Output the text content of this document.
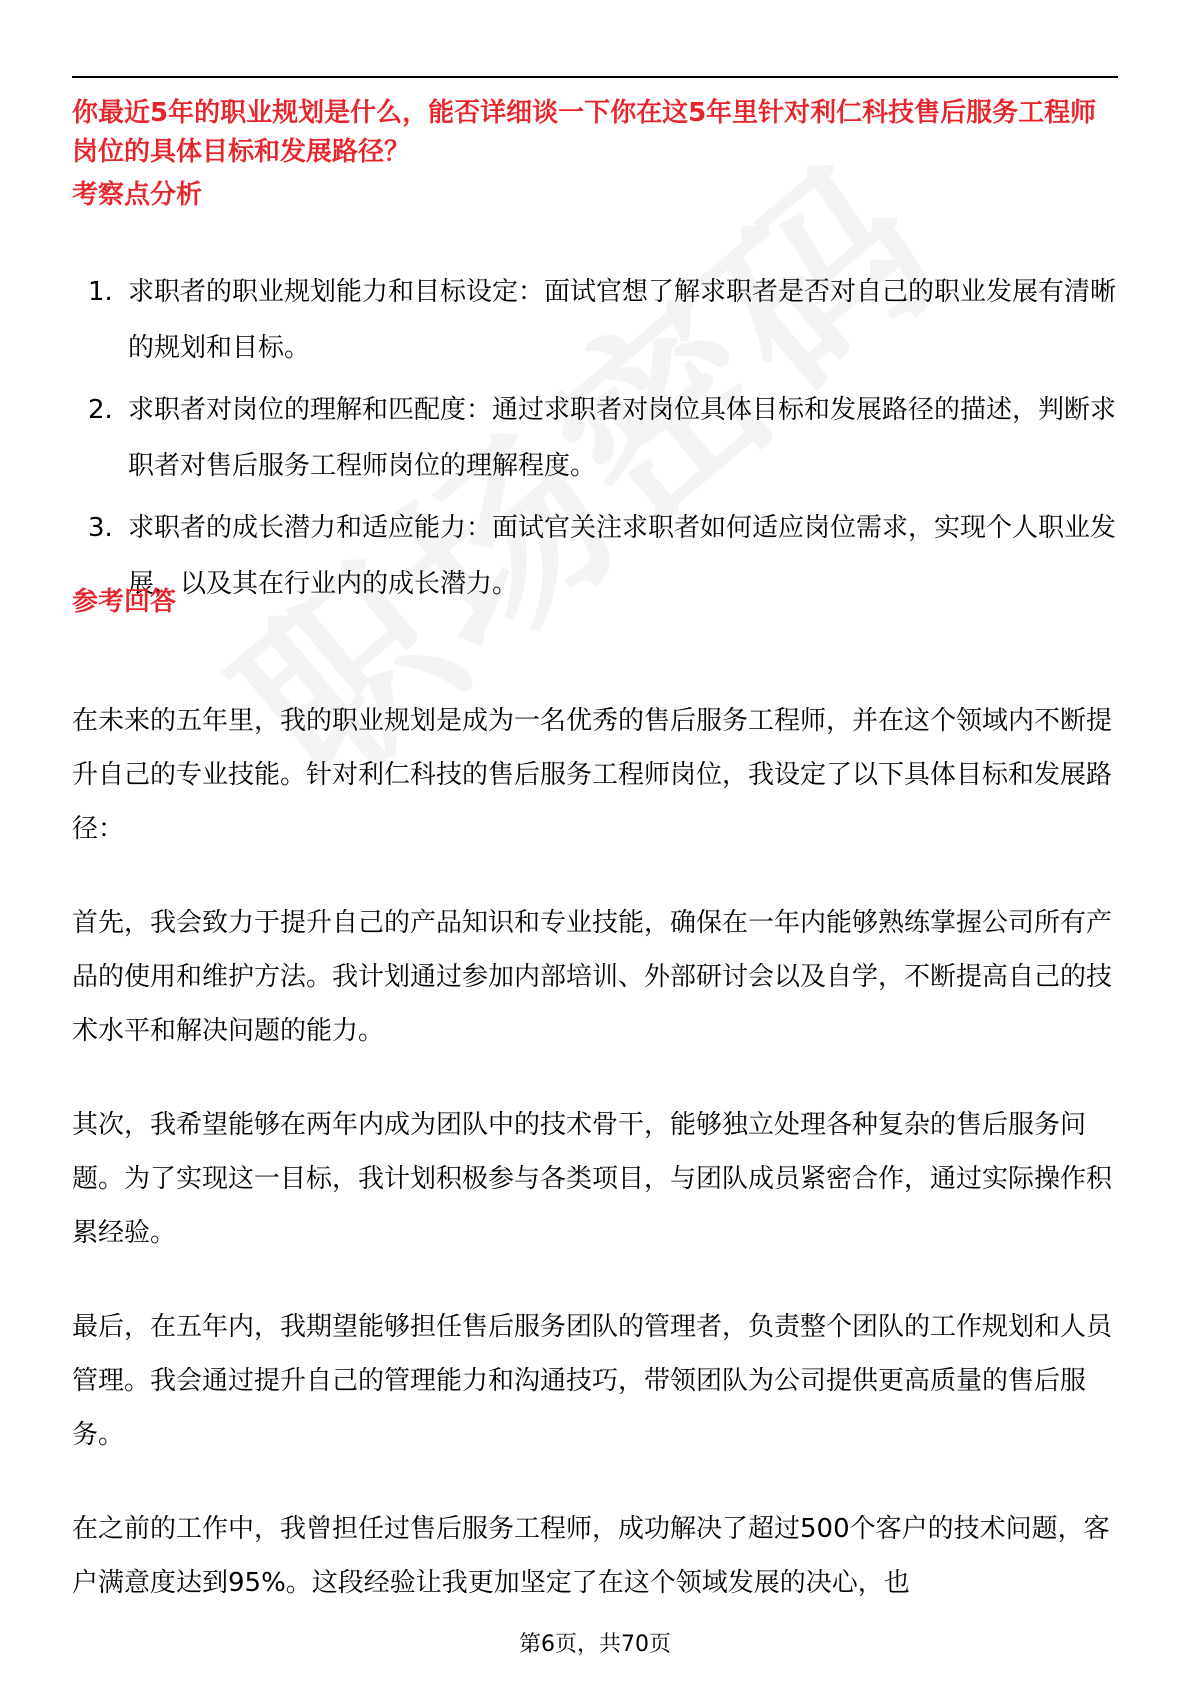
你最近5年的职业规划是什么，能否详细谈一下你在这5年里针对利仁科技售后服务工程师岗位的具体目标和发展路径？
考察点分析
1. 求职者的职业规划能力和目标设定：面试官想了解求职者是否对自己的职业发展有清晰的规划和目标。
2. 求职者对岗位的理解和匹配度：通过求职者对岗位具体目标和发展路径的描述，判断求职者对售后服务工程师岗位的理解程度。
3. 求职者的成长潜力和适应能力：面试官关注求职者如何适应岗位需求，实现个人职业发展，以及其在行业内的成长潜力。
参考回答

在未来的五年里，我的职业规划是成为一名优秀的售后服务工程师，并在这个领域内不断提升自己的专业技能。针对利仁科技的售后服务工程师岗位，我设定了以下具体目标和发展路径：

首先，我会致力于提升自己的产品知识和专业技能，确保在一年内能够熟练掌握公司所有产品的使用和维护方法。我计划通过参加内部培训、外部研讨会以及自学，不断提高自己的技术水平和解决问题的能力。

其次，我希望能够在两年内成为团队中的技术骨干，能够独立处理各种复杂的售后服务问题。为了实现这一目标，我计划积极参与各类项目，与团队成员紧密合作，通过实际操作积累经验。

最后，在五年内，我期望能够担任售后服务团队的管理者，负责整个团队的工作规划和人员管理。我会通过提升自己的管理能力和沟通技巧，带领团队为公司提供更高质量的售后服务。

在之前的工作中，我曾担任过售后服务工程师，成功解决了超过500个客户的技术问题，客户满意度达到95%。这段经验让我更加坚定了在这个领域发展的决心，也

第6页，共70页
